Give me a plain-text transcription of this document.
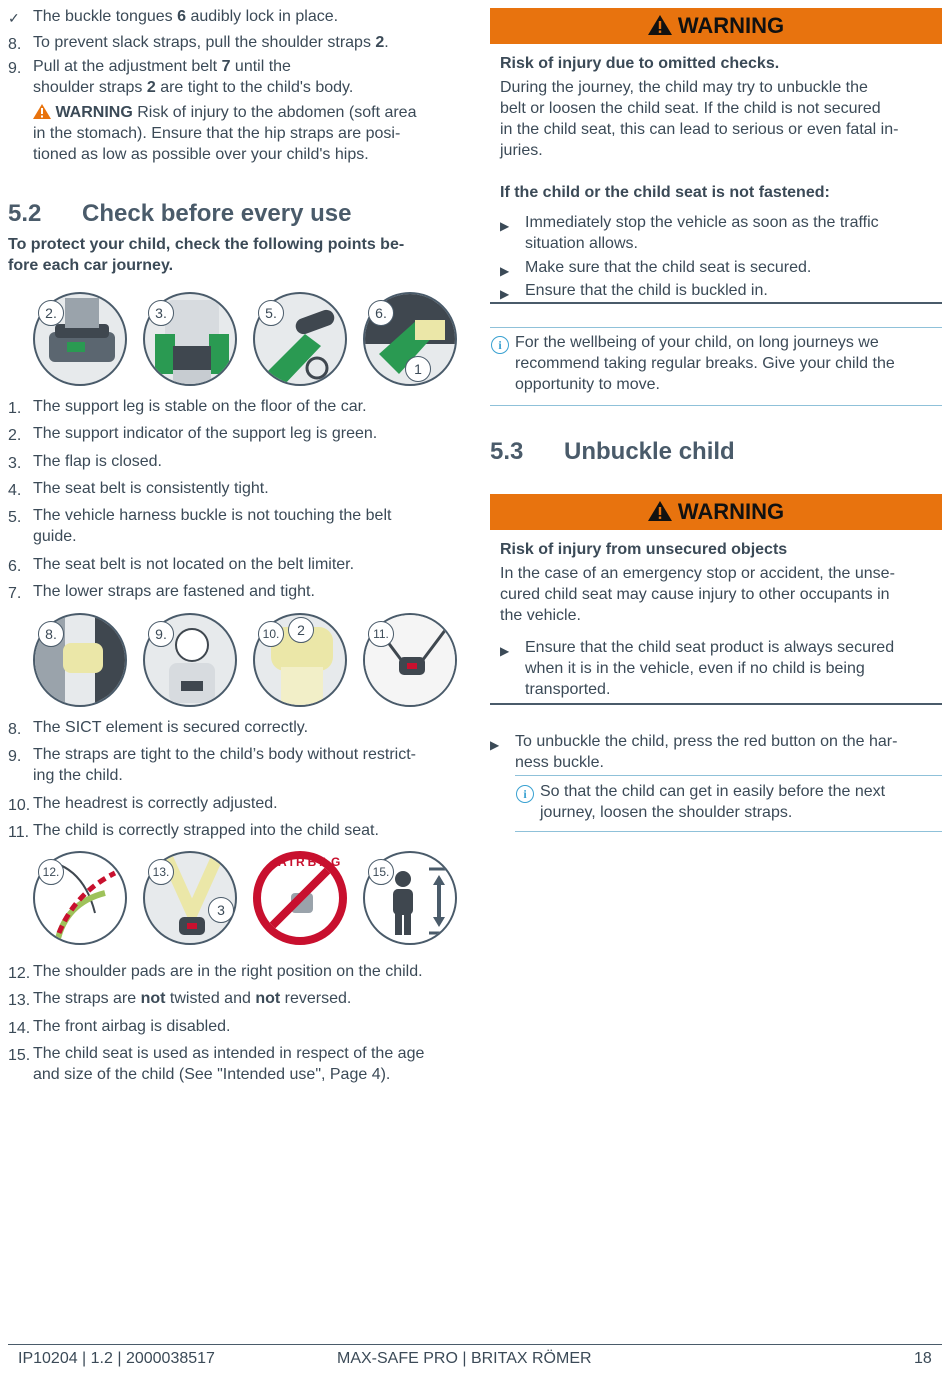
✓ The buckle tongues 6 audibly lock in place.
8. To prevent slack straps, pull the shoulder straps 2.
9. Pull at the adjustment belt 7 until the
shoulder straps 2 are tight to the child's body.
WARNING Risk of injury to the abdomen (soft area
in the stomach). Ensure that the hip straps are posi-
tioned as low as possible over your child's hips.
5.2 Check before every use
To protect your child, check the following points be-
fore each car journey.
2.	3.	5.	6.
1
1. The support leg is stable on the floor of the car.
2. The support indicator of the support leg is green.
3. The flap is closed.
4. The seat belt is consistently tight.
5. The vehicle harness buckle is not touching the belt
guide.
6. The seat belt is not located on the belt limiter.
7. The lower straps are fastened and tight.
8.	9.	10.	2	11.
8. The SICT element is secured correctly.
9. The straps are tight to the child’s body without restrict-
ing the child.
10. The headrest is correctly adjusted.
11. The child is correctly strapped into the child seat.
12.	13.
3
AIRBAG
15.
12. The shoulder pads are in the right position on the child.
13. The straps are not twisted and not reversed.
14. The front airbag is disabled.
15. The child seat is used as intended in respect of the age
and size of the child (See "Intended use", Page 4).
WARNING
Risk of injury due to omitted checks.
During the journey, the child may try to unbuckle the
belt or loosen the child seat. If the child is not secured
in the child seat, this can lead to serious or even fatal in-
juries.
If the child or the child seat is not fastened:
▶ Immediately stop the vehicle as soon as the traffic
situation allows.
▶ Make sure that the child seat is secured.
▶ Ensure that the child is buckled in.
i For the wellbeing of your child, on long journeys we
recommend taking regular breaks. Give your child the
opportunity to move.
5.3 Unbuckle child
WARNING
Risk of injury from unsecured objects
In the case of an emergency stop or accident, the unse-
cured child seat may cause injury to other occupants in
the vehicle.
▶ Ensure that the child seat product is always secured
when it is in the vehicle, even if no child is being
transported.
▶ To unbuckle the child, press the red button on the har-
ness buckle.
i So that the child can get in easily before the next
journey, loosen the shoulder straps.
IP10204 | 1.2 | 2000038517	MAX-SAFE PRO | BRITAX RÖMER	18
